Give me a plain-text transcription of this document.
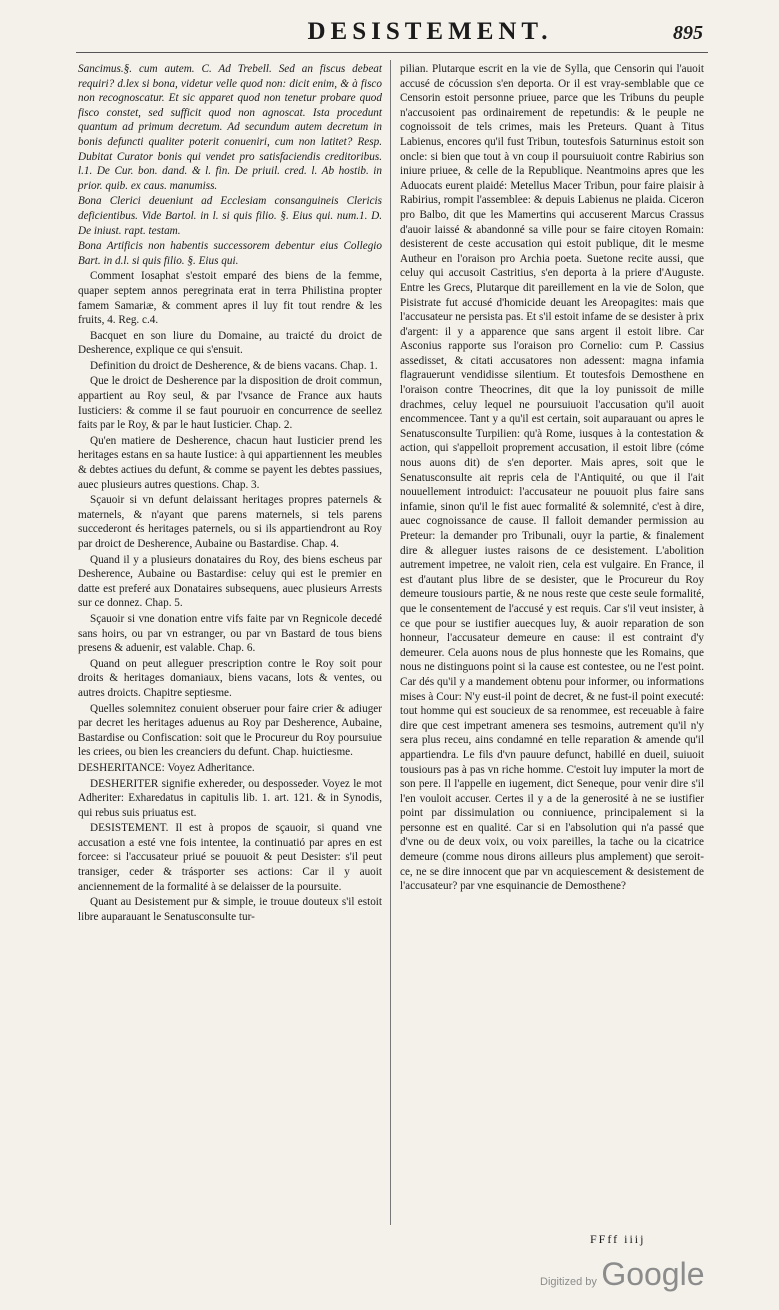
DESISTEMENT.	895

Sancimus.§. cum autem. C. Ad Trebell. Sed an fiscus debeat requiri? d.lex si bona, videtur velle quod non: dicit enim, & à fisco non recognoscatur. Et sic apparet quod non tenetur probare quod fisco constet, sed sufficit quod non agnoscat. Ista procedunt quantum ad primum decretum. Ad secundum autem decretum in bonis defuncti qualiter poterit conueniri, cum non latitet? Resp. Dubitat Curator bonis qui vendet pro satisfaciendis creditoribus. l.1. De Cur. bon. dand. & l. fin. De priuil. cred. l. Ab hostib. in prior. quib. ex caus. manumiss.

Bona Clerici deueniunt ad Ecclesiam consanguineis Clericis deficientibus. Vide Bartol. in l. si quis filio. §. Eius qui. num.1. D. De iniust. rapt. testam.

Bona Artificis non habentis successorem debentur eius Collegio Bart. in d.l. si quis filio. §. Eius qui.

Comment Iosaphat s'estoit emparé des biens de la femme, quaper septem annos peregrinata erat in terra Philistina propter famem Samariæ, & comment apres il luy fit tout rendre & les fruits, 4. Reg. c.4.

Bacquet en son liure du Domaine, au traicté du droict de Desherence, explique ce qui s'ensuit.

Definition du droict de Desherence, & de biens vacans. Chap. 1.

Que le droict de Desherence par la disposition de droit commun, appartient au Roy seul, & par l'vsance de France aux hauts Iusticiers: & comme il se faut pouruoir en concurrence de seellez faits par le Roy, & par le haut Iusticier. Chap. 2.

Qu'en matiere de Desherence, chacun haut Iusticier prend les heritages estans en sa haute Iustice: à qui appartiennent les meubles & debtes actiues du defunt, & comme se payent les debtes passiues, auec plusieurs autres questions. Chap. 3.

Sçauoir si vn defunt delaissant heritages propres paternels & maternels, & n'ayant que parens maternels, si tels parens succederont és heritages paternels, ou si ils appartiendront au Roy par droict de Desherence, Aubaine ou Bastardise. Chap. 4.

Quand il y a plusieurs donataires du Roy, des biens escheus par Desherence, Aubaine ou Bastardise: celuy qui est le premier en datte est preferé aux Donataires subsequens, auec plusieurs Arrests sur ce donnez. Chap. 5.

Sçauoir si vne donation entre vifs faite par vn Regnicole decedé sans hoirs, ou par vn estranger, ou par vn Bastard de tous biens presens & aduenir, est valable. Chap. 6.

Quand on peut alleguer prescription contre le Roy soit pour droits & heritages domaniaux, biens vacans, lots & ventes, ou autres droicts. Chapitre septiesme.

Quelles solemnitez conuient obseruer pour faire crier & adiuger par decret les heritages aduenus au Roy par Desherence, Aubaine, Bastardise ou Confiscation: soit que le Procureur du Roy poursuiue les criees, ou bien les creanciers du defunt. Chap. huictiesme.

DESHERITANCE: Voyez Adheritance.

DESHERITER signifie exhereder, ou desposseder. Voyez le mot Adheriter: Exharedatus in capitulis lib. 1. art. 121. & in Synodis, qui rebus suis priuatus est.

DESISTEMENT. Il est à propos de sçauoir, si quand vne accusation a esté vne fois intentee, la continuatió par apres en est forcee: si l'accusateur priué se pouuoit & peut Desister: s'il peut transiger, ceder & trásporter ses actions: Car il y auoit anciennement de la formalité à se delaisser de la poursuite.

Quant au Desistement pur & simple, ie trouue douteux s'il estoit libre auparauant le Senatusconsulte tur-

pilian. Plutarque escrit en la vie de Sylla, que Censorin qui l'auoit accusé de cócussion s'en deporta. Or il est vray-semblable que ce Censorin estoit personne priuee, parce que les Tribuns du peuple n'accusoient pas ordinairement de repetundis: & le peuple ne cognoissoit de tels crimes, mais les Preteurs. Quant à Titus Labienus, encores qu'il fust Tribun, toutesfois Saturninus estoit son oncle: si bien que tout à vn coup il poursuiuoit contre Rabirius son iniure priuee, & celle de la Republique. Neantmoins apres que les Aduocats eurent plaidé: Metellus Macer Tribun, pour faire plaisir à Rabirius, rompit l'assemblee: & depuis Labienus ne plaida. Ciceron pro Balbo, dit que les Mamertins qui accuserent Marcus Crassus d'auoir laissé & abandonné sa ville pour se faire citoyen Romain: desisterent de ceste accusation qui estoit publique, dit le mesme Autheur en l'oraison pro Archia poeta. Suetone recite aussi, que celuy qui accusoit Castritius, s'en deporta à la priere d'Auguste. Entre les Grecs, Plutarque dit pareillement en la vie de Solon, que Pisistrate fut accusé d'homicide deuant les Areopagites: mais que l'accusateur ne persista pas. Et s'il estoit infame de se desister à prix d'argent: il y a apparence que sans argent il estoit libre. Car Asconius rapporte sus l'oraison pro Cornelio: cum P. Cassius assedisset, & citati accusatores non adessent: magna infamia flagrauerunt vendidisse silentium. Et toutesfois Demosthene en l'oraison contre Theocrines, dit que la loy punissoit de mille drachmes, celuy lequel ne poursuiuoit l'accusation qu'il auoit encommencee. Tant y a qu'il est certain, soit auparauant ou apres le Senatusconsulte Turpilien: qu'à Rome, iusques à la contestation & action, qui s'appelloit proprement accusation, il estoit libre (cóme nous auons dit) de s'en deporter. Mais apres, soit que le Senatusconsulte ait repris cela de l'Antiquité, ou que il l'ait nouuellement introduict: l'accusateur ne pouuoit plus faire sans infamie, sinon qu'il le fist auec formalité & solemnité, c'est à dire, auec cognoissance de cause. Il falloit demander permission au Preteur: la demander pro Tribunali, ouyr la partie, & finalement dire & alleguer iustes raisons de ce desistement. L'abolition autrement impetree, ne valoit rien, cela est vulgaire. En France, il est d'autant plus libre de se desister, que le Procureur du Roy demeure tousiours partie, & ne nous reste que ceste seule formalité, que le consentement de l'accusé y est requis. Car s'il veut insister, à ce que pour se iustifier auecques luy, & auoir reparation de son honneur, l'accusateur demeure en cause: il est contraint d'y demeurer. Cela auons nous de plus honneste que les Romains, que nous ne distinguons point si la cause est contestee, ou ne l'est point. Car dés qu'il y a mandement obtenu pour informer, ou informations mises à Cour: N'y eust-il point de decret, & ne fust-il point executé: tout homme qui est soucieux de sa renommee, est receuable à faire dire que cest impetrant amenera ses tesmoins, autrement qu'il n'y sera plus receu, ains condamné en telle reparation & amende qu'il appartiendra. Le fils d'vn pauure defunct, habillé en dueil, suiuoit tousiours pas à pas vn riche homme. C'estoit luy imputer la mort de son pere. Il l'appelle en iugement, dict Seneque, pour venir dire s'il l'en vouloit accuser. Certes il y a de la generosité à ne se iustifier point par dissimulation ou conniuence, principalement si la personne est en qualité. Car si en l'absolution qui n'a passé que d'vne ou de deux voix, ou voix pareilles, la tache ou la cicatrice demeure (comme nous dirons ailleurs plus amplement) que seroit-ce, ne se dire innocent que par vn acquiescement & desistement de l'accusateur? par vne esquinancie de Demosthene?

FFff iiij
Digitized by Google
